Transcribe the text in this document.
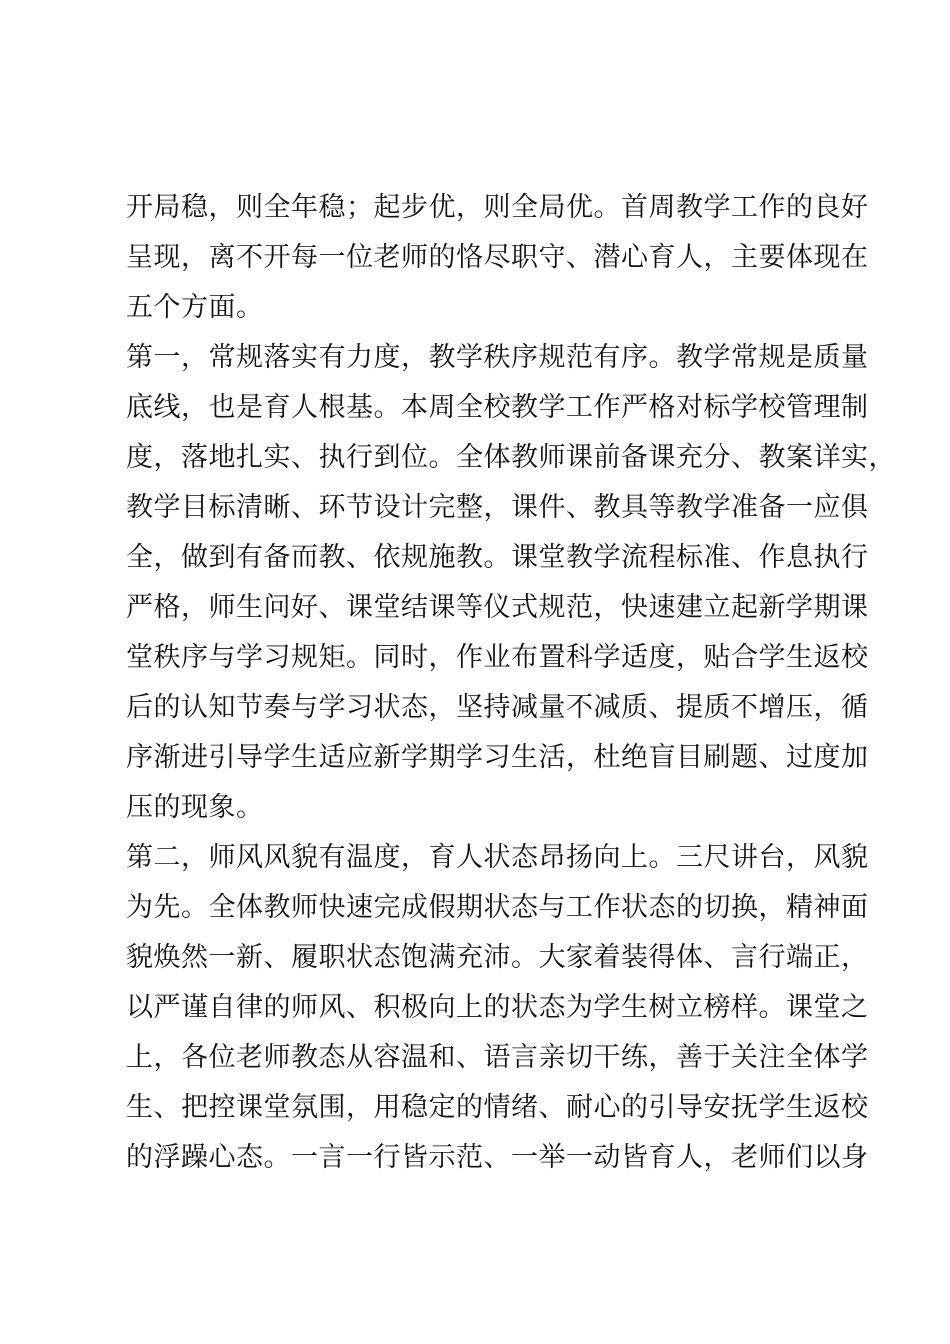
开局稳，则全年稳；起步优，则全局优。首周教学工作的良好
呈现，离不开每一位老师的恪尽职守、潜心育人，主要体现在
五个方面。
第一，常规落实有力度，教学秩序规范有序。教学常规是质量
底线，也是育人根基。本周全校教学工作严格对标学校管理制
度，落地扎实、执行到位。全体教师课前备课充分、教案详实，
教学目标清晰、环节设计完整，课件、教具等教学准备一应俱
全，做到有备而教、依规施教。课堂教学流程标准、作息执行
严格，师生问好、课堂结课等仪式规范，快速建立起新学期课
堂秩序与学习规矩。同时，作业布置科学适度，贴合学生返校
后的认知节奏与学习状态，坚持减量不减质、提质不增压，循
序渐进引导学生适应新学期学习生活，杜绝盲目刷题、过度加
压的现象。
第二，师风风貌有温度，育人状态昂扬向上。三尺讲台，风貌
为先。全体教师快速完成假期状态与工作状态的切换，精神面
貌焕然一新、履职状态饱满充沛。大家着装得体、言行端正，
以严谨自律的师风、积极向上的状态为学生树立榜样。课堂之
上，各位老师教态从容温和、语言亲切干练，善于关注全体学
生、把控课堂氛围，用稳定的情绪、耐心的引导安抚学生返校
的浮躁心态。一言一行皆示范、一举一动皆育人，老师们以身
